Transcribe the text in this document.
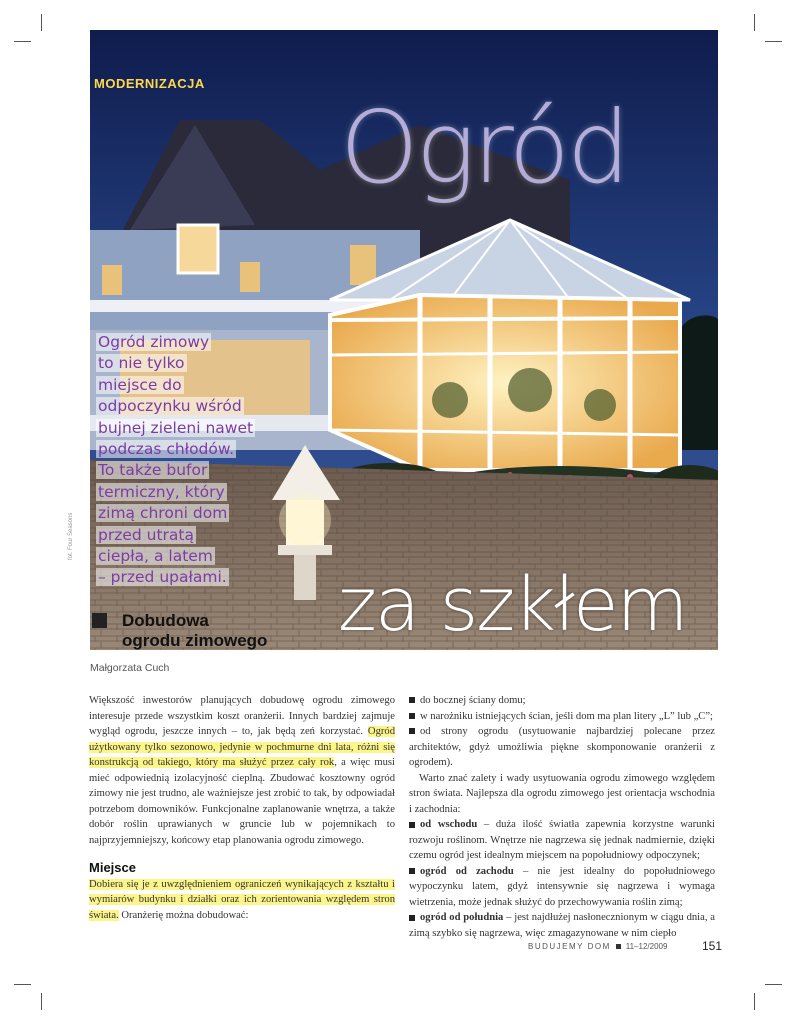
MODERNIZACJA
Ogród
za szkłem
Ogród zimowy
to nie tylko
miejsce do
odpoczynku wśród
bujnej zieleni nawet
podczas chłodów.
To także bufor
termiczny, który
zimą chroni dom
przed utratą
ciepła, a latem
– przed upałami.
fot. Four Seasons
Dobudowa
ogrodu zimowego
Małgorzata Cuch

Większość inwestorów planujących dobudowę ogrodu zimowego interesuje przede wszystkim koszt oranżerii. Innych bardziej zajmuje wygląd ogrodu, jeszcze innych – to, jak będą zeń korzystać. Ogród użytkowany tylko sezonowo, jedynie w pochmurne dni lata, różni się konstrukcją od takiego, który ma służyć przez cały rok, a więc musi mieć odpowiednią izolacyjność cieplną. Zbudować kosztowny ogród zimowy nie jest trudno, ale ważniejsze jest zrobić to tak, by odpowiadał potrzebom domowników. Funkcjonalne zaplanowanie wnętrza, a także dobór roślin uprawianych w gruncie lub w pojemnikach to najprzyjemniejszy, końcowy etap planowania ogrodu zimowego.

Miejsce

Dobiera się je z uwzględnieniem ograniczeń wynikających z kształtu i wymiarów budynku i działki oraz ich zorientowania względem stron świata. Oranżerię można dobudować:

do bocznej ściany domu;

w narożniku istniejących ścian, jeśli dom ma plan litery „L” lub „C”;

od strony ogrodu (usytuowanie najbardziej polecane przez architektów, gdyż umożliwia piękne skomponowanie oranżerii z ogrodem).

Warto znać zalety i wady usytuowania ogrodu zimowego względem stron świata. Najlepsza dla ogrodu zimowego jest orientacja wschodnia i zachodnia:

od wschodu – duża ilość światła zapewnia korzystne warunki rozwoju roślinom. Wnętrze nie nagrzewa się jednak nadmiernie, dzięki czemu ogród jest idealnym miejscem na popołudniowy odpoczynek;

ogród od zachodu – nie jest idealny do popołudniowego wypoczynku latem, gdyż intensywnie się nagrzewa i wymaga wietrzenia, może jednak służyć do przechowywania roślin zimą;

ogród od południa – jest najdłużej nasłonecznionym w ciągu dnia, a zimą szybko się nagrzewa, więc zmagazynowane w nim ciepło

BUDUJEMY DOM 11–12/2009	151
